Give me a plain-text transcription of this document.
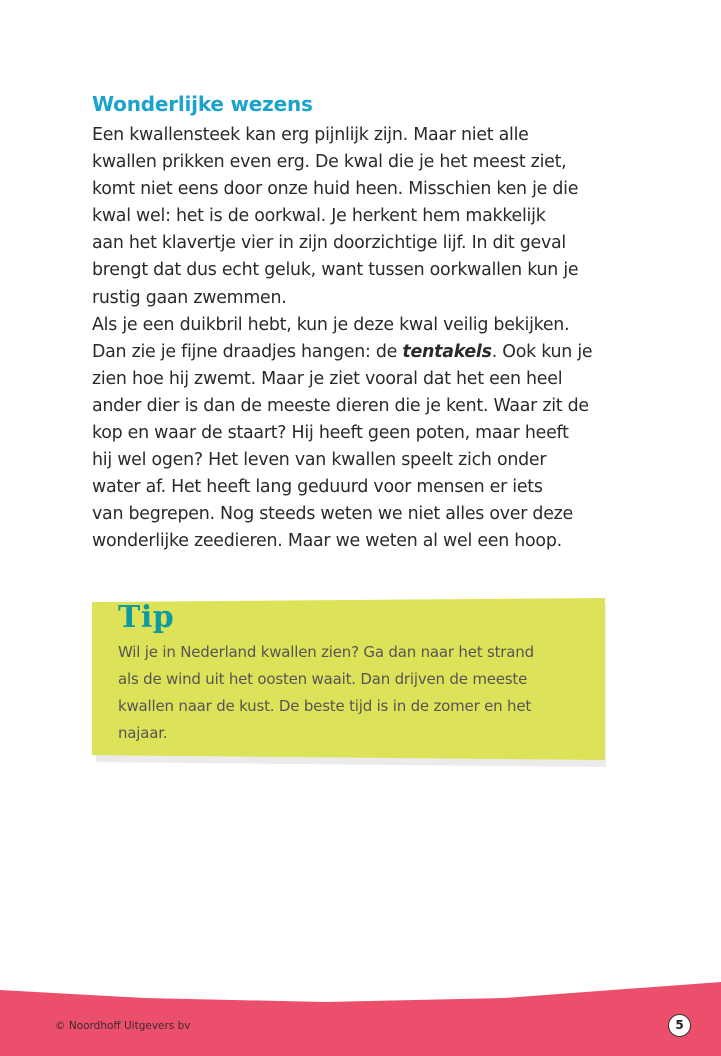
Wonderlijke wezens
Een kwallensteek kan erg pijnlijk zijn. Maar niet alle
kwallen prikken even erg. De kwal die je het meest ziet,
komt niet eens door onze huid heen. Misschien ken je die
kwal wel: het is de oorkwal. Je herkent hem makkelijk
aan het klavertje vier in zijn doorzichtige lijf. In dit geval
brengt dat dus echt geluk, want tussen oorkwallen kun je
rustig gaan zwemmen.
Als je een duikbril hebt, kun je deze kwal veilig bekijken.
Dan zie je fijne draadjes hangen: de tentakels. Ook kun je
zien hoe hij zwemt. Maar je ziet vooral dat het een heel
ander dier is dan de meeste dieren die je kent. Waar zit de
kop en waar de staart? Hij heeft geen poten, maar heeft
hij wel ogen? Het leven van kwallen speelt zich onder
water af. Het heeft lang geduurd voor mensen er iets
van begrepen. Nog steeds weten we niet alles over deze
wonderlijke zeedieren. Maar we weten al wel een hoop.
Tip
Wil je in Nederland kwallen zien? Ga dan naar het strand
als de wind uit het oosten waait. Dan drijven de meeste
kwallen naar de kust. De beste tijd is in de zomer en het
najaar.
© Noordhoff Uitgevers bv	5
